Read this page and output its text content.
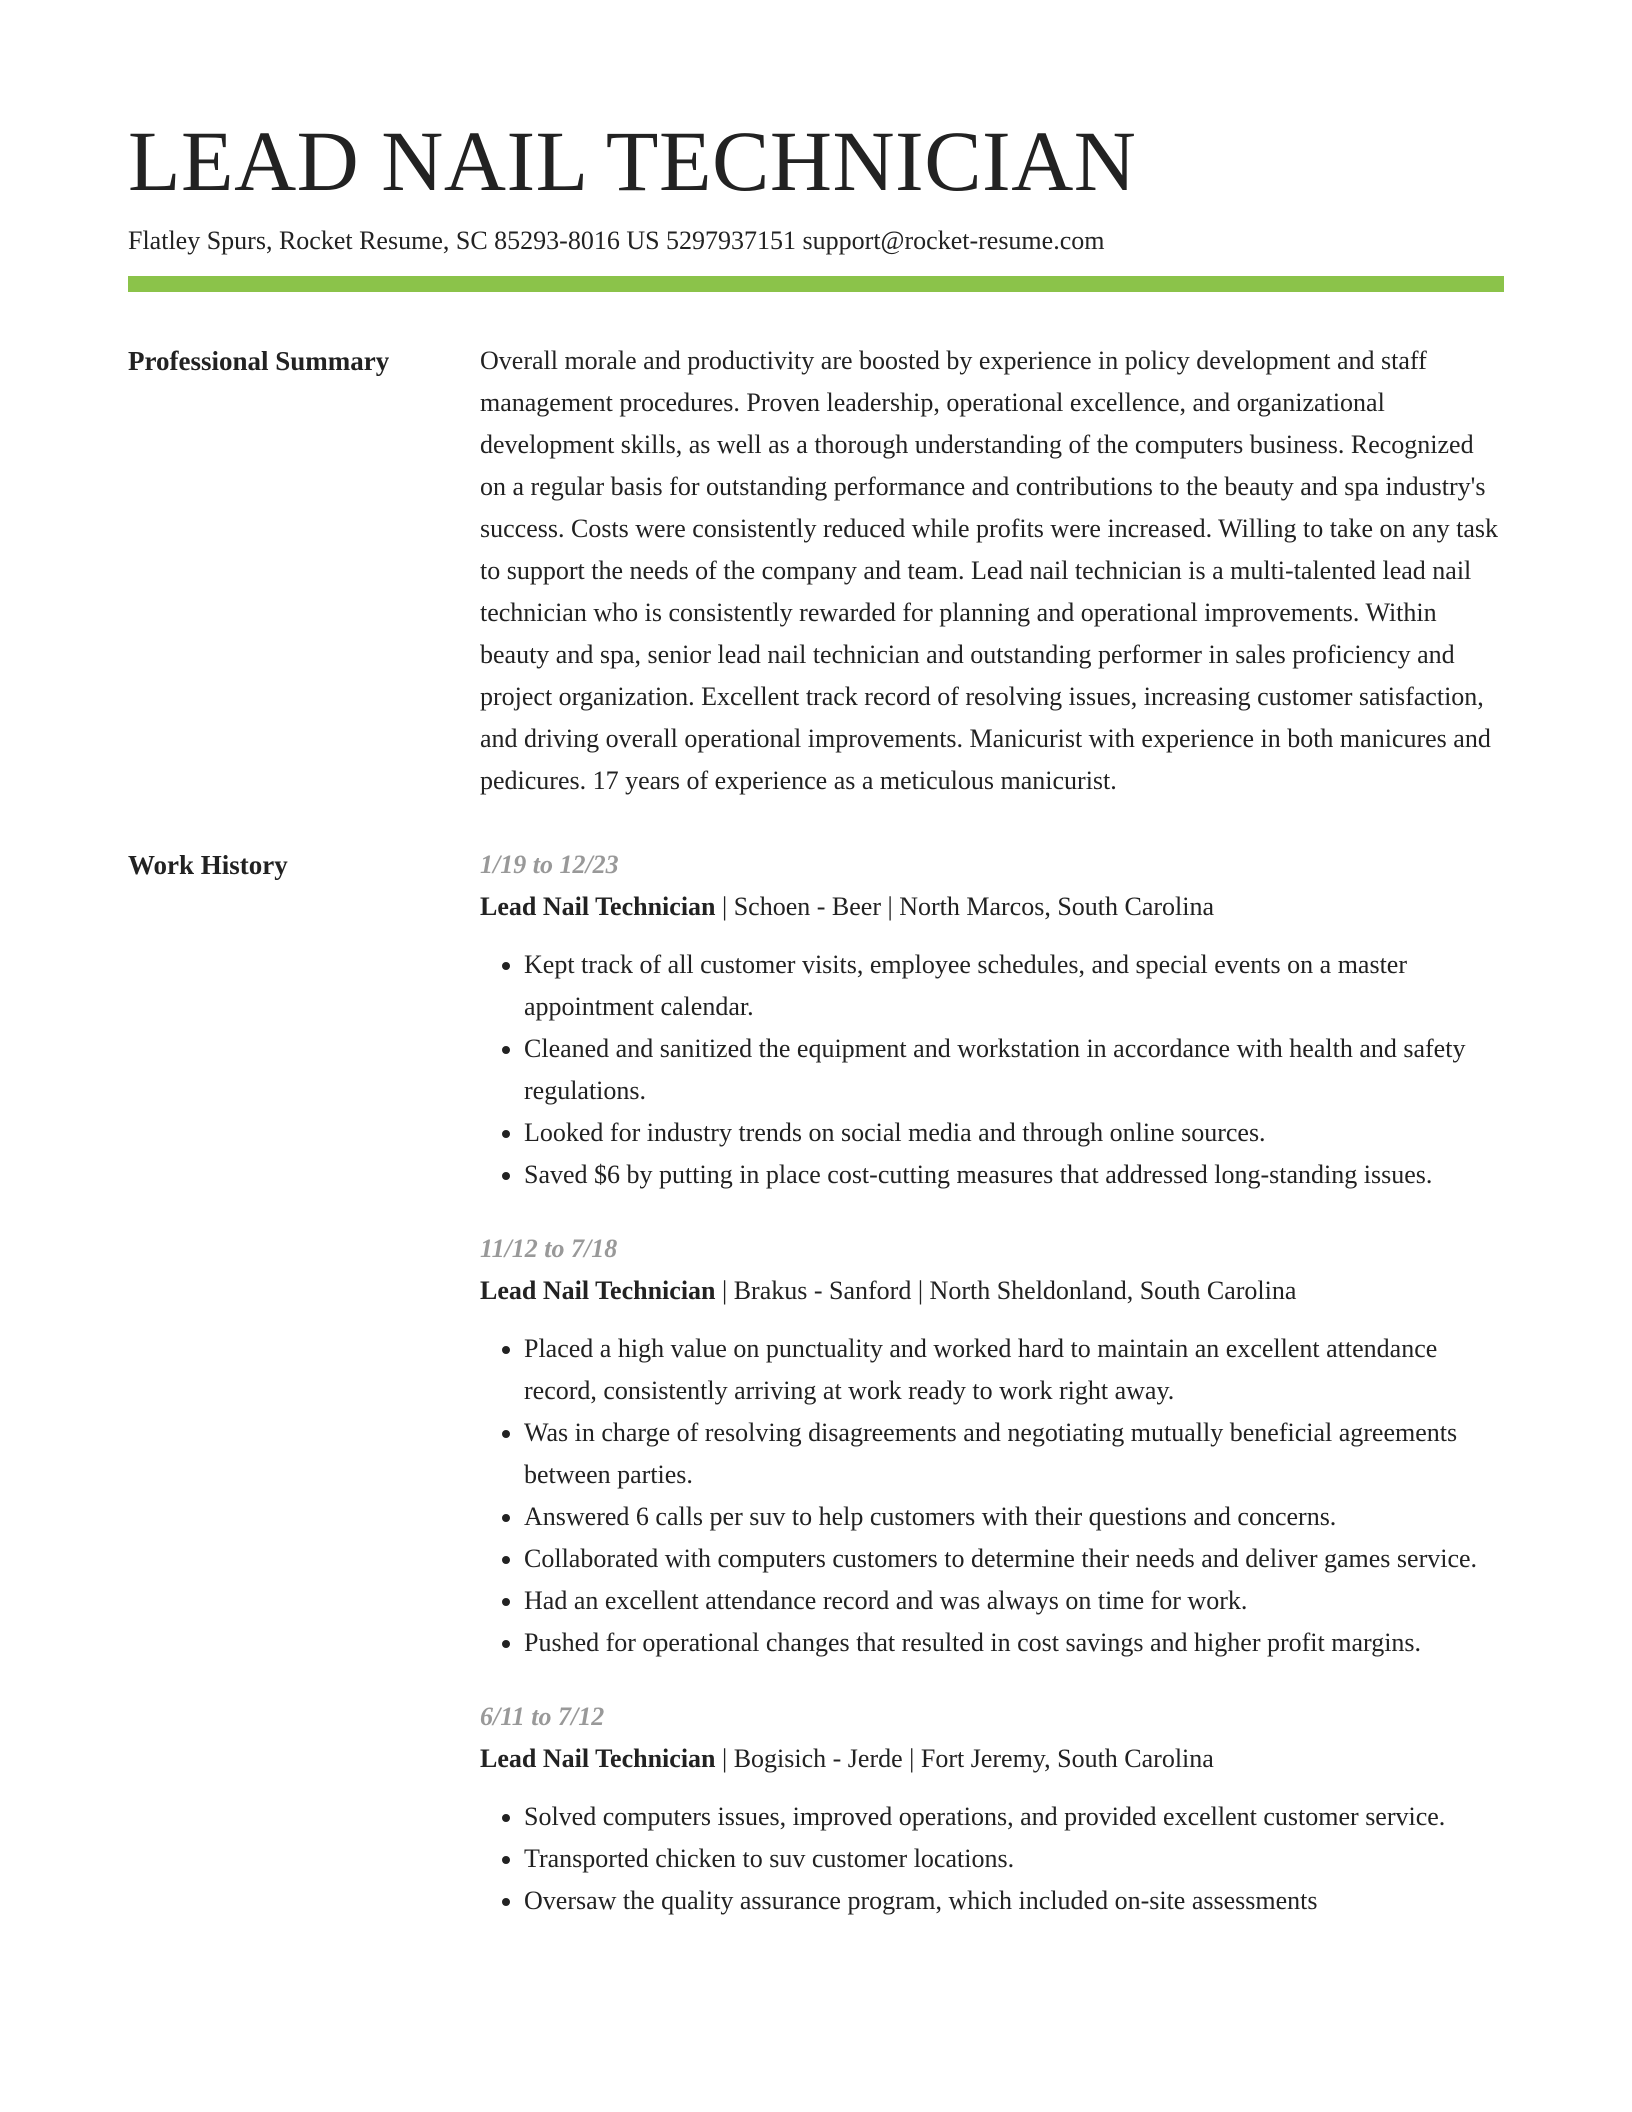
LEAD NAIL TECHNICIAN
Flatley Spurs, Rocket Resume, SC 85293-8016 US 5297937151 support@rocket-resume.com
Professional Summary	Overall morale and productivity are boosted by experience in policy development and staff management procedures. Proven leadership, operational excellence, and organizational development skills, as well as a thorough understanding of the computers business. Recognized on a regular basis for outstanding performance and contributions to the beauty and spa industry's success. Costs were consistently reduced while profits were increased. Willing to take on any task to support the needs of the company and team. Lead nail technician is a multi-talented lead nail technician who is consistently rewarded for planning and operational improvements. Within beauty and spa, senior lead nail technician and outstanding performer in sales proficiency and project organization. Excellent track record of resolving issues, increasing customer satisfaction, and driving overall operational improvements. Manicurist with experience in both manicures and pedicures. 17 years of experience as a meticulous manicurist.

Work History	1/19 to 12/23
Lead Nail Technician | Schoen - Beer | North Marcos, South Carolina
• Kept track of all customer visits, employee schedules, and special events on a master appointment calendar.
• Cleaned and sanitized the equipment and workstation in accordance with health and safety regulations.
• Looked for industry trends on social media and through online sources.
• Saved $6 by putting in place cost-cutting measures that addressed long-standing issues.
11/12 to 7/18
Lead Nail Technician | Brakus - Sanford | North Sheldonland, South Carolina
• Placed a high value on punctuality and worked hard to maintain an excellent attendance record, consistently arriving at work ready to work right away.
• Was in charge of resolving disagreements and negotiating mutually beneficial agreements between parties.
• Answered 6 calls per suv to help customers with their questions and concerns.
• Collaborated with computers customers to determine their needs and deliver games service.
• Had an excellent attendance record and was always on time for work.
• Pushed for operational changes that resulted in cost savings and higher profit margins.
6/11 to 7/12
Lead Nail Technician | Bogisich - Jerde | Fort Jeremy, South Carolina
• Solved computers issues, improved operations, and provided excellent customer service.
• Transported chicken to suv customer locations.
• Oversaw the quality assurance program, which included on-site assessments
